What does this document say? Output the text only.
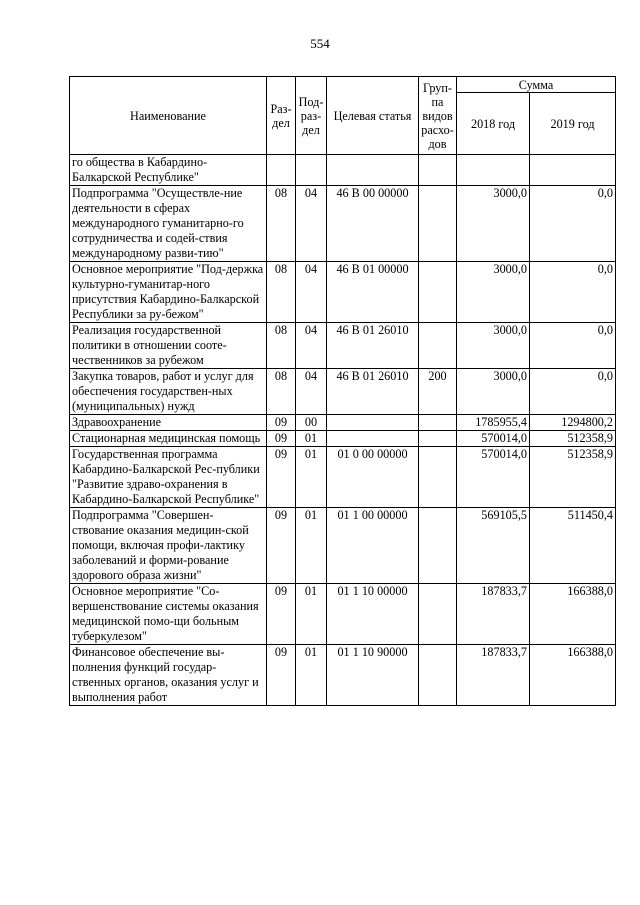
554
Наименование	Раз-дел	Под-раз-дел	Целевая статья	Груп-па видов расхо-дов	Сумма	
					2018 год	2019 год
го общества в Кабардино-Балкарской Республике"						
Подпрограмма "Осуществле-ние деятельности в сферах международного гуманитарно-го сотрудничества и содей-ствия международному разви-тию"	08	04	46 В 00 00000		3000,0	0,0
Основное мероприятие "Под-держка культурно-гуманитар-ного присутствия Кабардино-Балкарской Республики за ру-бежом"	08	04	46 В 01 00000		3000,0	0,0
Реализация государственной политики в отношении сооте-чественников за рубежом	08	04	46 В 01 26010		3000,0	0,0
Закупка товаров, работ и услуг для обеспечения государствен-ных (муниципальных) нужд	08	04	46 В 01 26010	200	3000,0	0,0
Здравоохранение	09	00			1785955,4	1294800,2
Стационарная медицинская помощь	09	01			570014,0	512358,9
Государственная программа Кабардино-Балкарской Рес-публики "Развитие здраво-охранения в Кабардино-Балкарской Республике"	09	01	01 0 00 00000		570014,0	512358,9
Подпрограмма "Совершен-ствование оказания медицин-ской помощи, включая профи-лактику заболеваний и форми-рование здорового образа жизни"	09	01	01 1 00 00000		569105,5	511450,4
Основное мероприятие "Со-вершенствование системы оказания медицинской помо-щи больным туберкулезом"	09	01	01 1 10 00000		187833,7	166388,0
Финансовое обеспечение вы-полнения функций государ-ственных органов, оказания услуг и выполнения работ	09	01	01 1 10 90000		187833,7	166388,0
